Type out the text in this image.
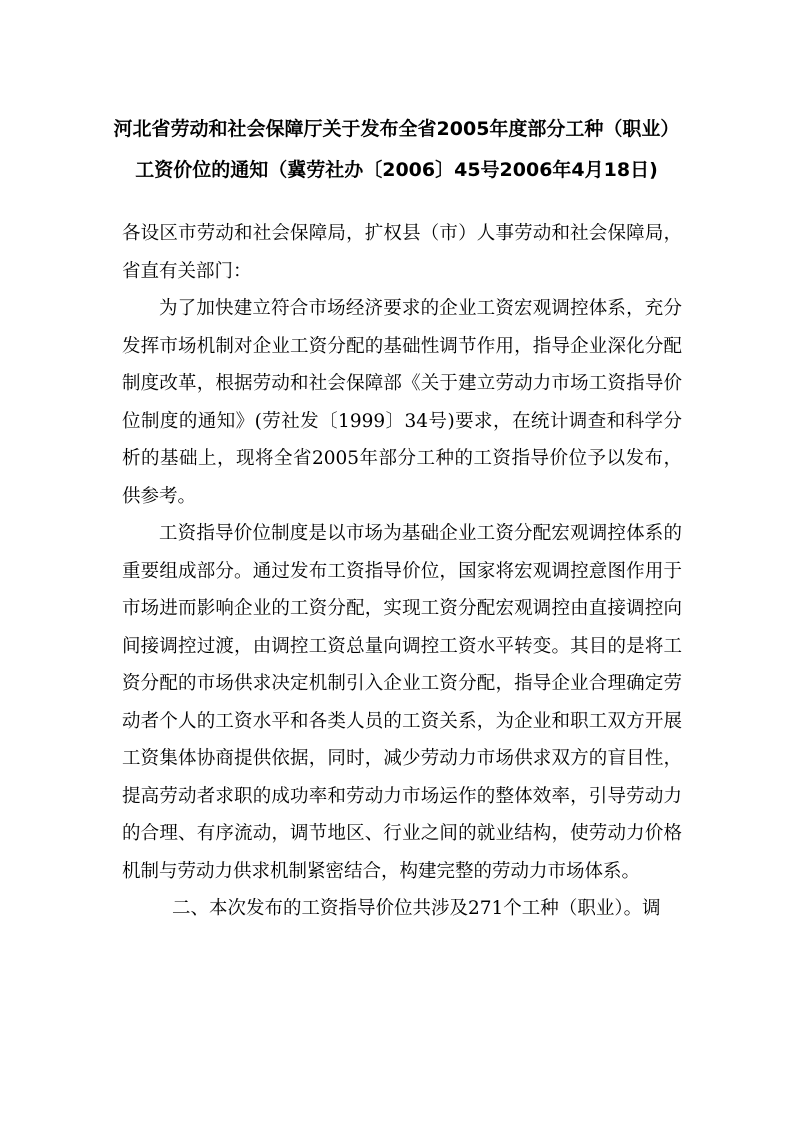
河北省劳动和社会保障厅关于发布全省2005年度部分工种（职业）
工资价位的通知（冀劳社办〔2006〕45号2006年4月18日)

各设区市劳动和社会保障局，扩权县（市）人事劳动和社会保障局，省直有关部门：

为了加快建立符合市场经济要求的企业工资宏观调控体系，充分发挥市场机制对企业工资分配的基础性调节作用，指导企业深化分配制度改革，根据劳动和社会保障部《关于建立劳动力市场工资指导价位制度的通知》(劳社发〔1999〕34号)要求，在统计调查和科学分析的基础上，现将全省2005年部分工种的工资指导价位予以发布，供参考。

工资指导价位制度是以市场为基础企业工资分配宏观调控体系的重要组成部分。通过发布工资指导价位，国家将宏观调控意图作用于市场进而影响企业的工资分配，实现工资分配宏观调控由直接调控向间接调控过渡，由调控工资总量向调控工资水平转变。其目的是将工资分配的市场供求决定机制引入企业工资分配，指导企业合理确定劳动者个人的工资水平和各类人员的工资关系，为企业和职工双方开展工资集体协商提供依据，同时，减少劳动力市场供求双方的盲目性，提高劳动者求职的成功率和劳动力市场运作的整体效率，引导劳动力的合理、有序流动，调节地区、行业之间的就业结构，使劳动力价格机制与劳动力供求机制紧密结合，构建完整的劳动力市场体系。

二、本次发布的工资指导价位共涉及271个工种（职业）。调
